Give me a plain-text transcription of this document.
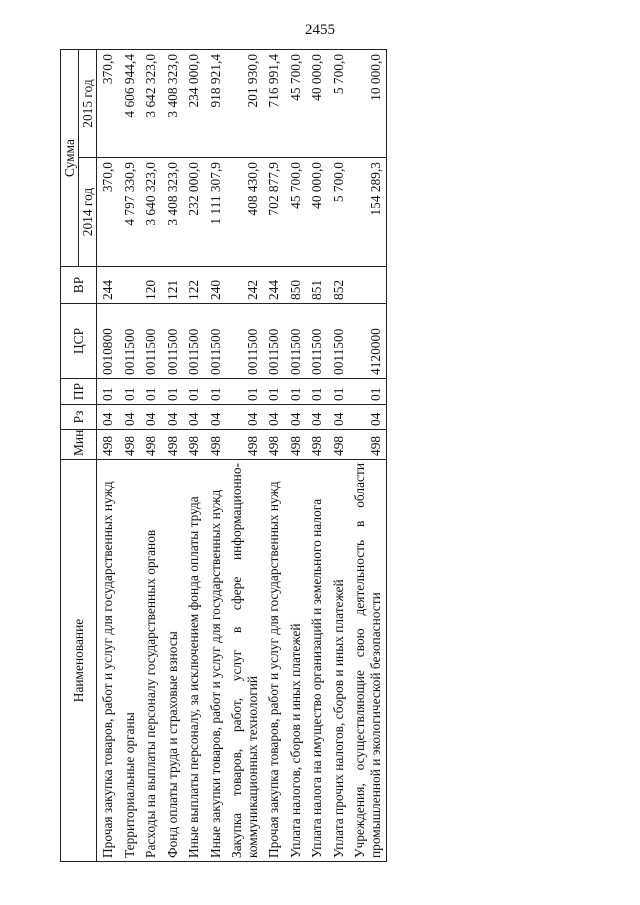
2455
Наименование	Мин	Рз	ПР	ЦСР	ВР	Сумма	
						2014 год	2015 год
Прочая закупка товаров, работ и услуг для государственных нужд	498	04	01	0010800	244	370,0	370,0
Территориальные органы	498	04	01	0011500		4 797 330,9	4 606 944,4
Расходы на выплаты персоналу государственных органов	498	04	01	0011500	120	3 640 323,0	3 642 323,0
Фонд оплаты труда и страховые взносы	498	04	01	0011500	121	3 408 323,0	3 408 323,0
Иные выплаты персоналу, за исключением фонда оплаты труда	498	04	01	0011500	122	232 000,0	234 000,0
Иные закупки товаров, работ и услуг для государственных нужд	498	04	01	0011500	240	1 111 307,9	918 921,4
Закупка товаров, работ, услуг в сфере информационно-коммуникационных технологий	498	04	01	0011500	242	408 430,0	201 930,0
Прочая закупка товаров, работ и услуг для государственных нужд	498	04	01	0011500	244	702 877,9	716 991,4
Уплата налогов, сборов и иных платежей	498	04	01	0011500	850	45 700,0	45 700,0
Уплата налога на имущество организаций и земельного налога	498	04	01	0011500	851	40 000,0	40 000,0
Уплата прочих налогов, сборов и иных платежей	498	04	01	0011500	852	5 700,0	5 700,0
Учреждения, осуществляющие свою деятельность в области промышленной и экологической безопасности	498	04	01	4120000		154 289,3	10 000,0
